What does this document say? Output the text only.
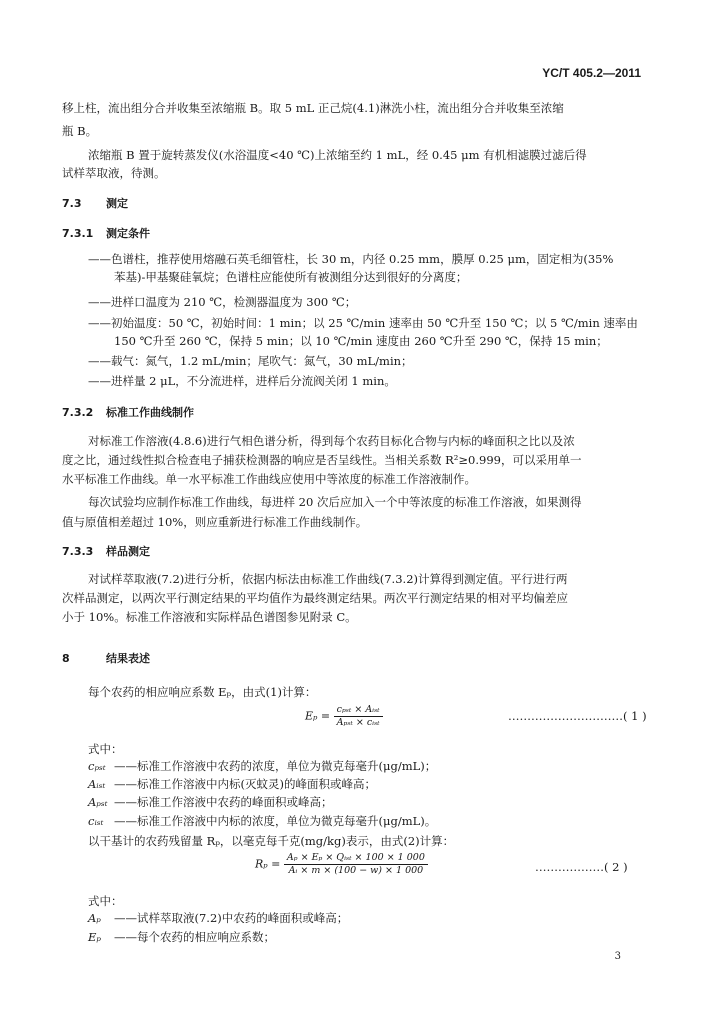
YC/T 405.2—2011
移上柱，流出组分合并收集至浓缩瓶 B。取 5 mL 正己烷(4.1)淋洗小柱，流出组分合并收集至浓缩
瓶 B。
浓缩瓶 B 置于旋转蒸发仪(水浴温度<40 ℃)上浓缩至约 1 mL，经 0.45 μm 有机相滤膜过滤后得
试样萃取液，待测。
7.3 测定
7.3.1 测定条件
——色谱柱，推荐使用熔融石英毛细管柱，长 30 m，内径 0.25 mm，膜厚 0.25 μm，固定相为(35%
苯基)-甲基聚硅氧烷；色谱柱应能使所有被测组分达到很好的分离度；
——进样口温度为 210 ℃，检测器温度为 300 ℃；
——初始温度：50 ℃，初始时间：1 min；以 25 ℃/min 速率由 50 ℃升至 150 ℃；以 5 ℃/min 速率由
150 ℃升至 260 ℃，保持 5 min；以 10 ℃/min 速度由 260 ℃升至 290 ℃，保持 15 min；
——载气：氮气，1.2 mL/min；尾吹气：氮气，30 mL/min；
——进样量 2 μL，不分流进样，进样后分流阀关闭 1 min。
7.3.2 标准工作曲线制作
对标准工作溶液(4.8.6)进行气相色谱分析，得到每个农药目标化合物与内标的峰面积之比以及浓
度之比，通过线性拟合检查电子捕获检测器的响应是否呈线性。当相关系数 R²≥0.999，可以采用单一
水平标准工作曲线。单一水平标准工作曲线应使用中等浓度的标准工作溶液制作。
每次试验均应制作标准工作曲线，每进样 20 次后应加入一个中等浓度的标准工作溶液，如果测得
值与原值相差超过 10%，则应重新进行标准工作曲线制作。
7.3.3 样品测定
对试样萃取液(7.2)进行分析，依据内标法由标准工作曲线(7.3.2)计算得到测定值。平行进行两
次样品测定，以两次平行测定结果的平均值作为最终测定结果。两次平行测定结果的相对平均偏差应
小于 10%。标准工作溶液和实际样品色谱图参见附录 C。
8	结果表述
每个农药的相应响应系数 Eₚ，由式(1)计算：
$E_p = \frac{\text{cₚₛₜ × Aᵢₛₜ}}{\text{Aₚₛₜ × cᵢₛₜ}}$	…………………………( 1 )
式中：
cₚₛₜ ——标准工作溶液中农药的浓度，单位为微克每毫升(μg/mL)；
Aᵢₛₜ ——标准工作溶液中内标(灭蚊灵)的峰面积或峰高；
Aₚₛₜ ——标准工作溶液中农药的峰面积或峰高；
cᵢₛₜ ——标准工作溶液中内标的浓度，单位为微克每毫升(μg/mL)。
以干基计的农药残留量 Rₚ，以毫克每千克(mg/kg)表示，由式(2)计算：
$R_p = \frac{\text{Aₚ × Eₚ × Qᵢₛₜ × 100 × 1 000}}{\text{Aᵢ × m × (100 − w) × 1 000}}$	………………( 2 )
式中：
Aₚ ——试样萃取液(7.2)中农药的峰面积或峰高；
Eₚ ——每个农药的相应响应系数；
3
